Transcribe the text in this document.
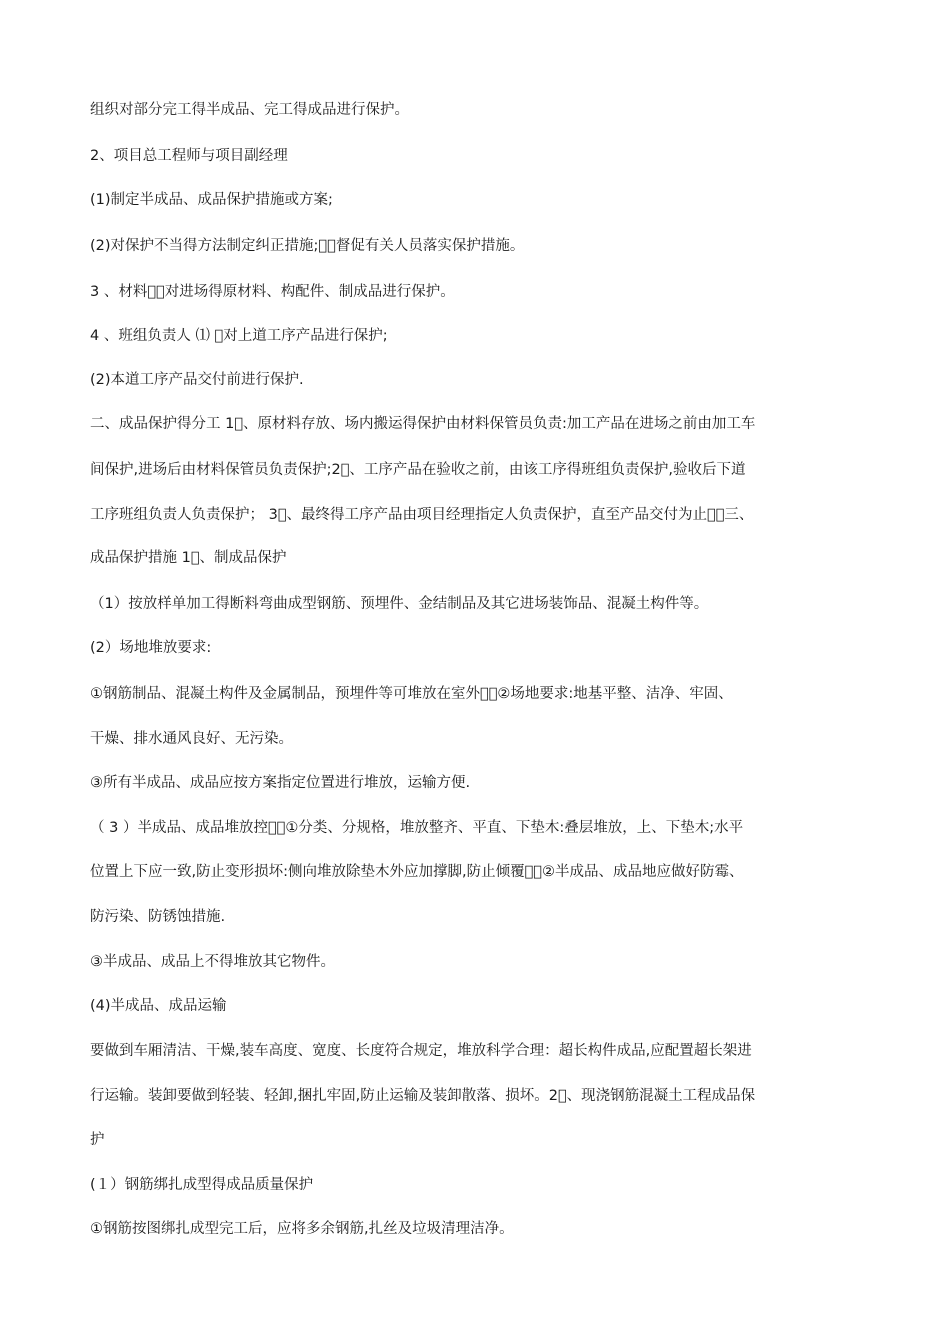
组织对部分完工得半成品、完工得成品进行保护。
2、项目总工程师与项目副经理
(1)制定半成品、成品保护措施或方案;
(2)对保护不当得方法制定纠正措施;⑶ᷞ督促有关人员落实保护措施。
3 、材料员ᷞ对进场得原材料、构配件、制成品进行保护。
4 、班组负责人 ⑴ ᷞ对上道工序产品进行保护;
(2)本道工序产品交付前进行保护.
二、成品保护得分工 1ᷞ、原材料存放、场内搬运得保护由材料保管员负责:加工产品在进场之前由加工车
间保护,进场后由材料保管员负责保护;2ᷞ、工序产品在验收之前，由该工序得班组负责保护,验收后下道
工序班组负责人负责保护； 3ᷞ、最终得工序产品由项目经理指定人负责保护，直至产品交付为止。ᷞ三、
成品保护措施 1ᷞ、制成品保护
（1）按放样单加工得断料弯曲成型钢筋、预埋件、金结制品及其它进场装饰品、混凝土构件等。
(2）场地堆放要求:
①钢筋制品、混凝土构件及金属制品，预埋件等可堆放在室外。ᷞ②场地要求:地基平整、洁净、牢固、
干燥、排水通风良好、无污染。
③所有半成品、成品应按方案指定位置进行堆放，运输方便.
（ 3 ）半成品、成品堆放控制ᷞ①分类、分规格，堆放整齐、平直、下垫木:叠层堆放，上、下垫木;水平
位置上下应一致,防止变形损坏:侧向堆放除垫木外应加撑脚,防止倾覆。ᷞ②半成品、成品地应做好防霉、
防污染、防锈蚀措施.
③半成品、成品上不得堆放其它物件。
(4)半成品、成品运输
要做到车厢清洁、干燥,装车高度、宽度、长度符合规定，堆放科学合理：超长构件成品,应配置超长架进
行运输。装卸要做到轻装、轻卸,捆扎牢固,防止运输及装卸散落、损坏。2ᷞ、现浇钢筋混凝土工程成品保
护
(１）钢筋绑扎成型得成品质量保护
①钢筋按图绑扎成型完工后，应将多余钢筋,扎丝及垃圾清理洁净。
